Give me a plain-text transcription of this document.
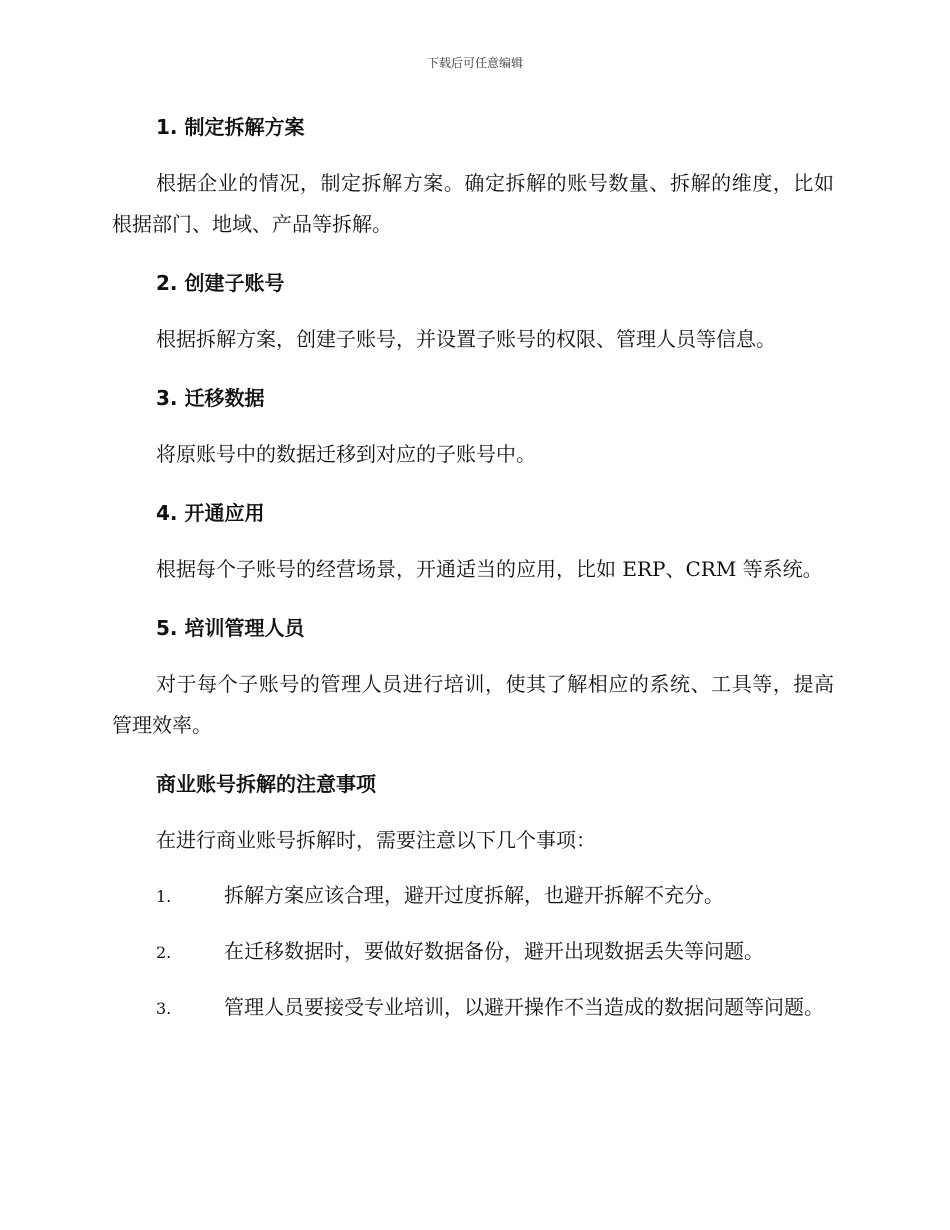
下载后可任意编辑
1. 制定拆解方案

根据企业的情况，制定拆解方案。确定拆解的账号数量、拆解的维度，比如根据部门、地域、产品等拆解。

2. 创建子账号

根据拆解方案，创建子账号，并设置子账号的权限、管理人员等信息。

3. 迁移数据

将原账号中的数据迁移到对应的子账号中。

4. 开通应用

根据每个子账号的经营场景，开通适当的应用，比如 ERP、CRM 等系统。

5. 培训管理人员

对于每个子账号的管理人员进行培训，使其了解相应的系统、工具等，提高管理效率。

商业账号拆解的注意事项

在进行商业账号拆解时，需要注意以下几个事项：

1.	拆解方案应该合理，避开过度拆解，也避开拆解不充分。

2.	在迁移数据时，要做好数据备份，避开出现数据丢失等问题。

3.	管理人员要接受专业培训，以避开操作不当造成的数据问题等问题。
